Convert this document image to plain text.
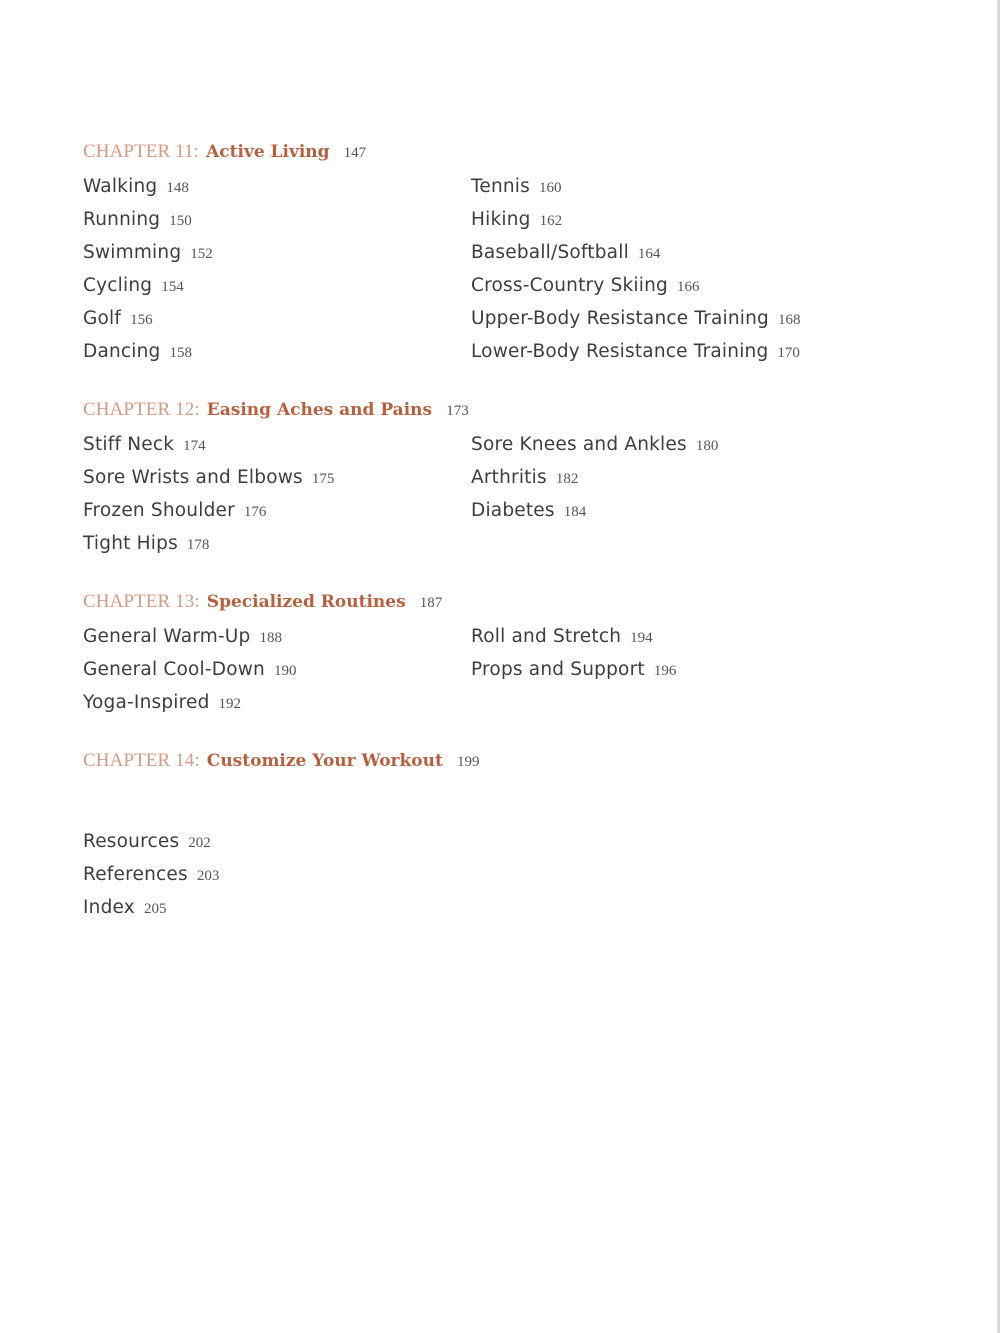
CHAPTER 11: Active Living 147
Walking 148
Running 150
Swimming 152
Cycling 154
Golf 156
Dancing 158
Tennis 160
Hiking 162
Baseball/Softball 164
Cross-Country Skiing 166
Upper-Body Resistance Training 168
Lower-Body Resistance Training 170
CHAPTER 12: Easing Aches and Pains 173
Stiff Neck 174
Sore Wrists and Elbows 175
Frozen Shoulder 176
Tight Hips 178
Sore Knees and Ankles 180
Arthritis 182
Diabetes 184
CHAPTER 13: Specialized Routines 187
General Warm-Up 188
General Cool-Down 190
Yoga-Inspired 192
Roll and Stretch 194
Props and Support 196
CHAPTER 14: Customize Your Workout 199
Resources 202
References 203
Index 205
